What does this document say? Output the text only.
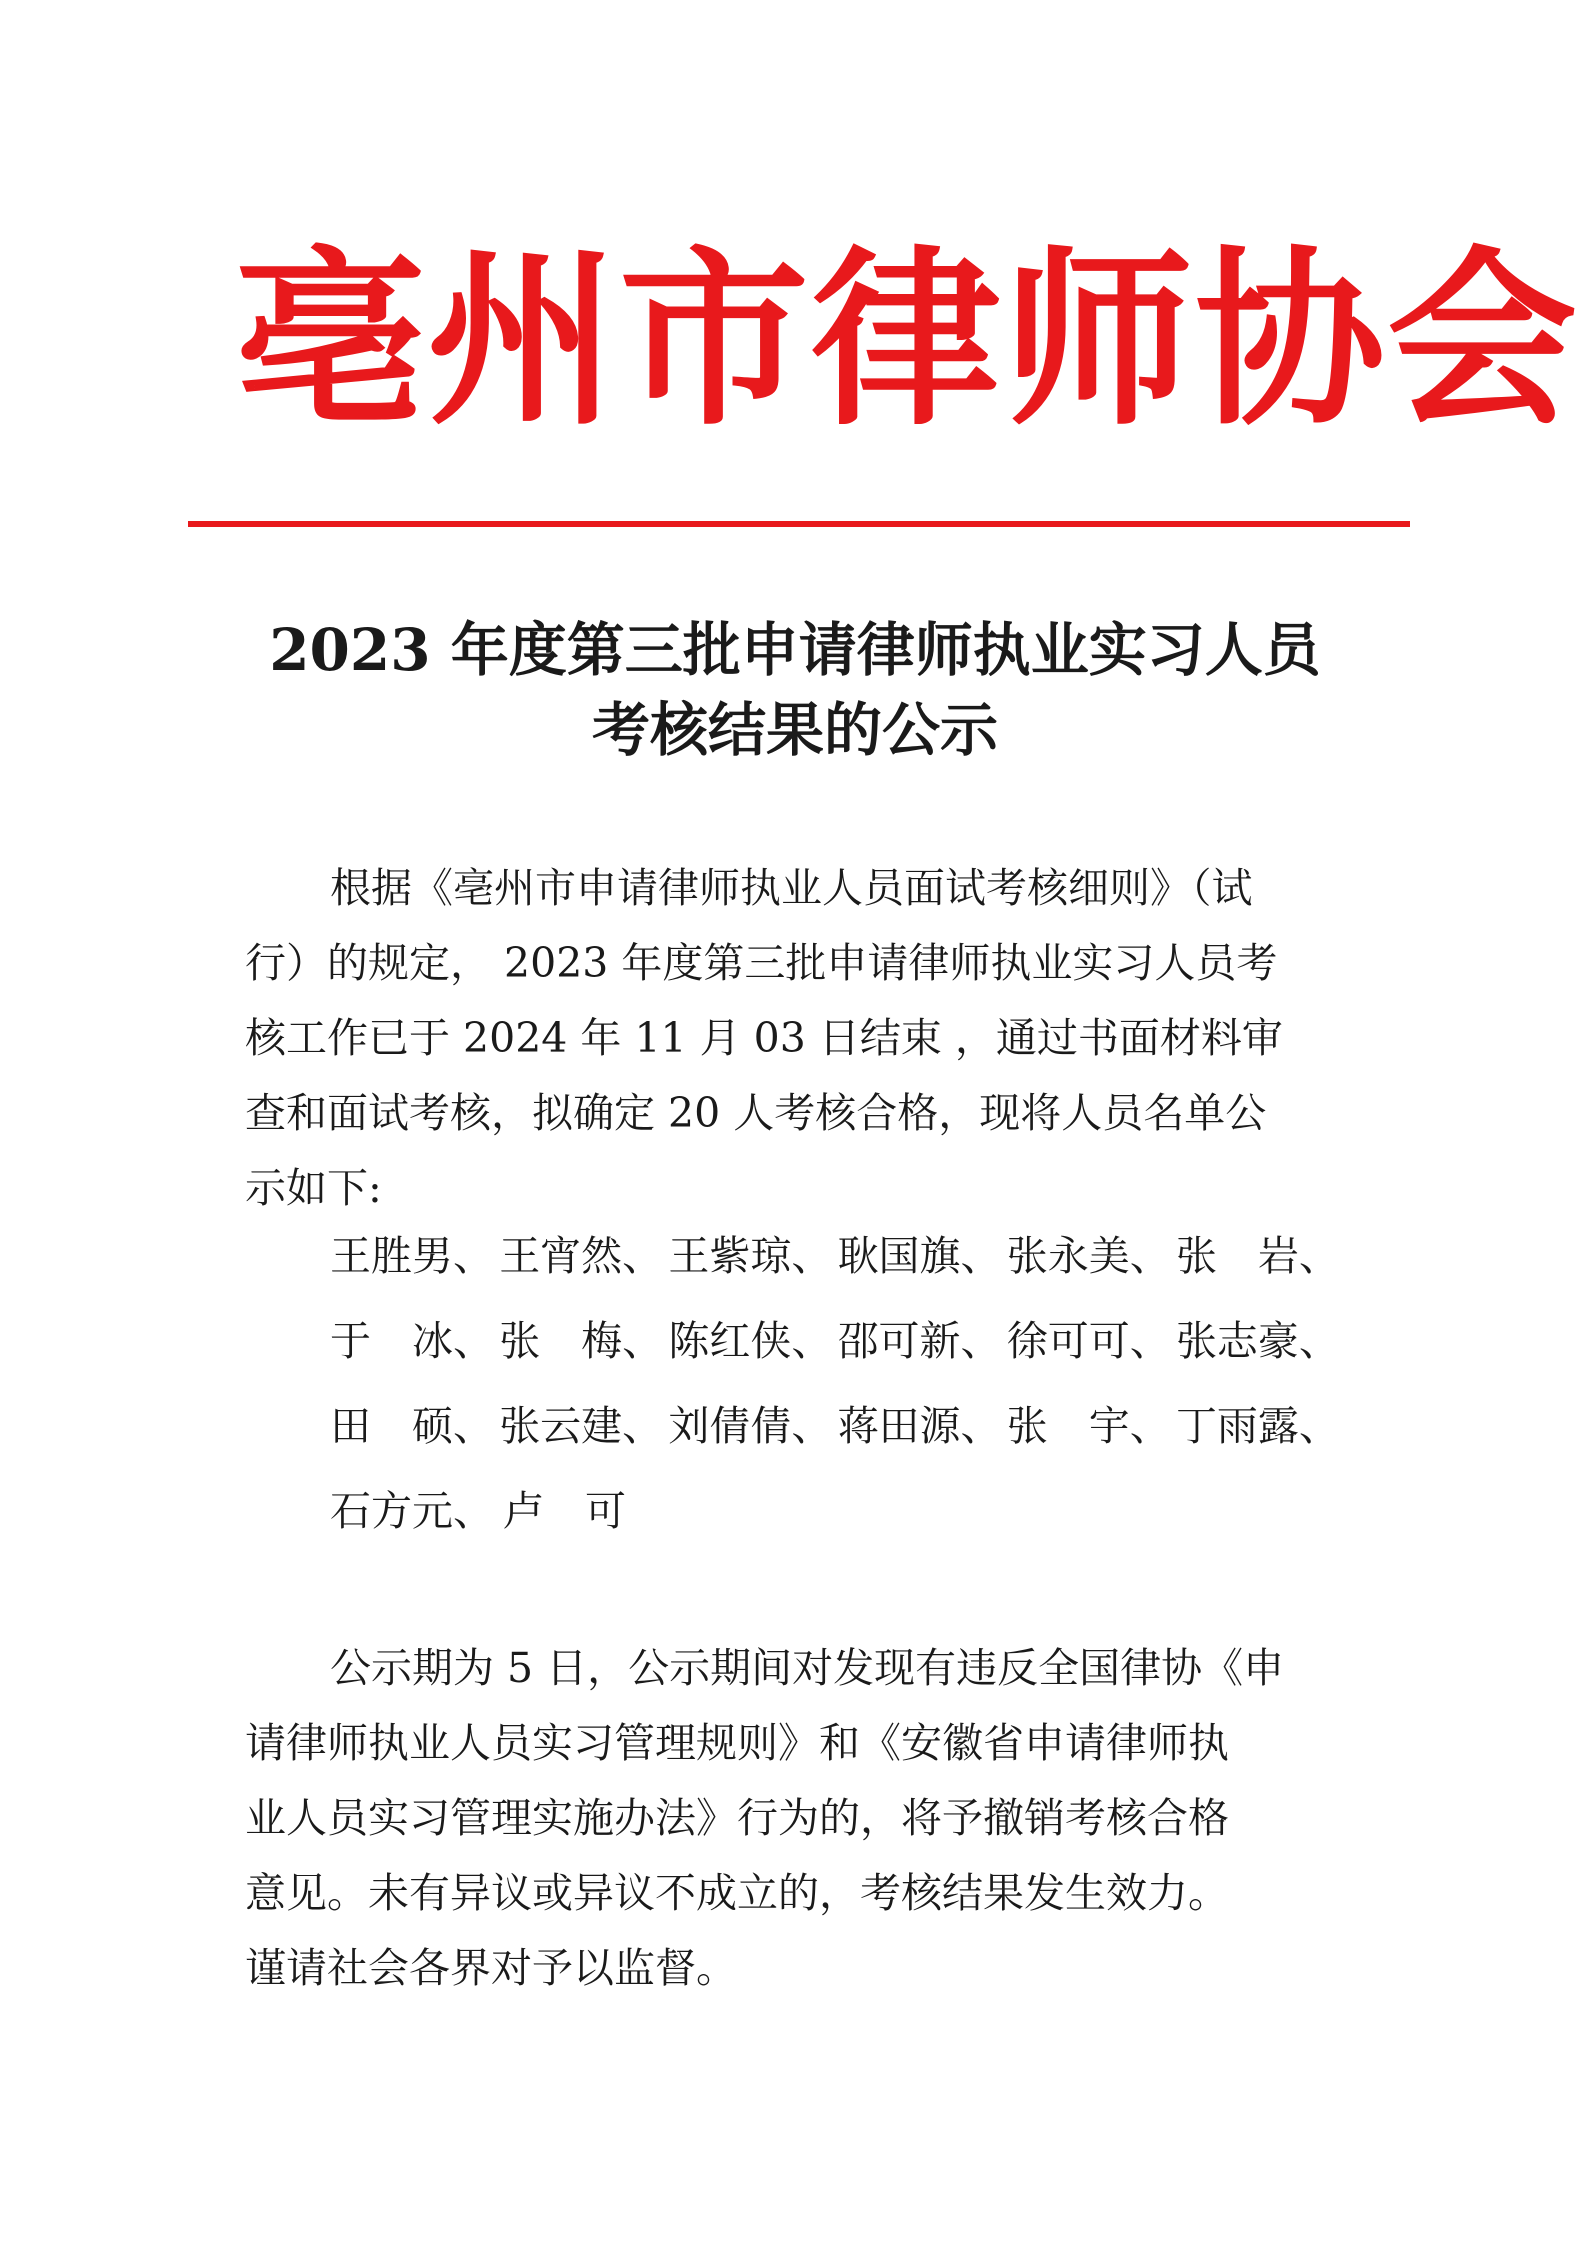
亳州市律师协会
2023 年度第三批申请律师执业实习人员
考核结果的公示
根据《亳州市申请律师执业人员面试考核细则》（试
行）的规定， 2023 年度第三批申请律师执业实习人员考
核工作已于 2024 年 11 月 03 日结束 ，通过书面材料审
查和面试考核，拟确定 20 人考核合格，现将人员名单公
示如下:
王胜男、 王宵然、 王紫琼、 耿国旗、 张永美、 张　岩、
于　冰、 张　梅、 陈红侠、 邵可新、 徐可可、 张志豪、
田　硕、 张云建、 刘倩倩、 蒋田源、 张　宇、 丁雨露、
石方元、 卢　可
公示期为 5 日，公示期间对发现有违反全国律协《申
请律师执业人员实习管理规则》和《安徽省申请律师执
业人员实习管理实施办法》行为的，将予撤销考核合格
意见。未有异议或异议不成立的，考核结果发生效力。
谨请社会各界对予以监督。
